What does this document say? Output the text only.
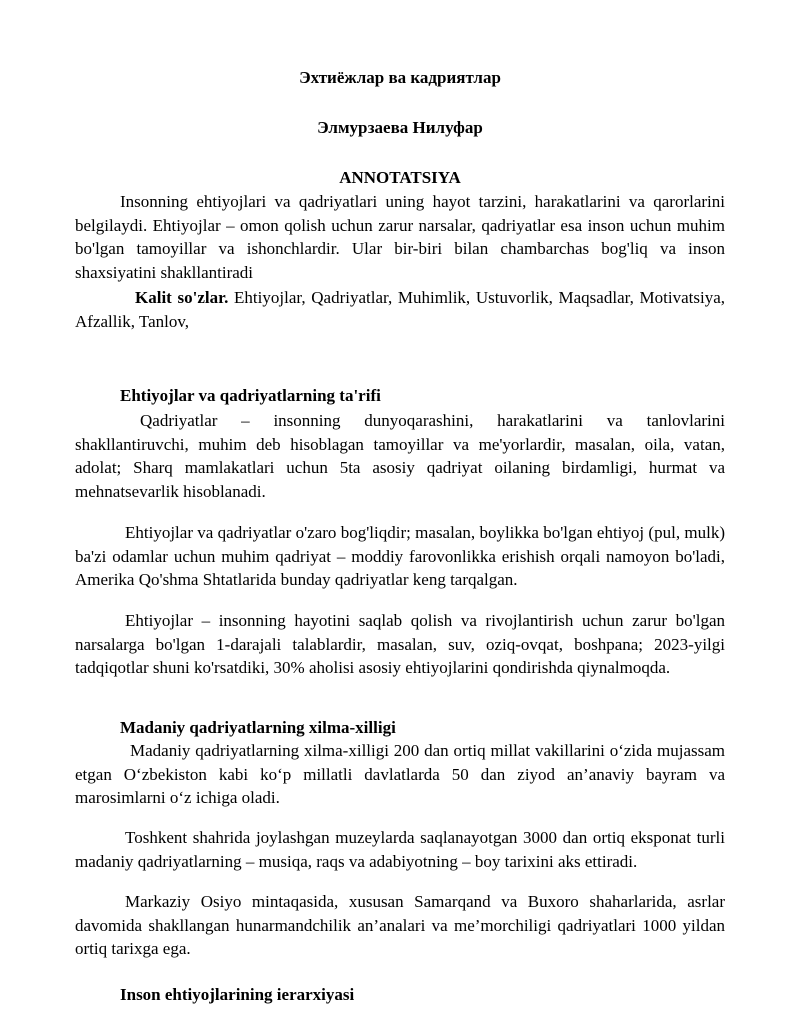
Эхтиёжлар ва кадриятлар

Элмурзаева Нилуфар

ANNOTATSIYA

Insonning ehtiyojlari va qadriyatlari uning hayot tarzini, harakatlarini va qarorlarini belgilaydi. Ehtiyojlar – omon qolish uchun zarur narsalar, qadriyatlar esa inson uchun muhim bo'lgan tamoyillar va ishonchlardir. Ular bir-biri bilan chambarchas bog'liq va inson shaxsiyatini shakllantiradi

Kalit so'zlar. Ehtiyojlar, Qadriyatlar, Muhimlik, Ustuvorlik, Maqsadlar, Motivatsiya, Afzallik, Tanlov,

Ehtiyojlar va qadriyatlarning ta'rifi

Qadriyatlar – insonning dunyoqarashini, harakatlarini va tanlovlarini shakllantiruvchi, muhim deb hisoblagan tamoyillar va me'yorlardir, masalan, oila, vatan, adolat; Sharq mamlakatlari uchun 5ta asosiy qadriyat oilaning birdamligi, hurmat va mehnatsevarlik hisoblanadi.

Ehtiyojlar va qadriyatlar o'zaro bog'liqdir; masalan, boylikka bo'lgan ehtiyoj (pul, mulk) ba'zi odamlar uchun muhim qadriyat – moddiy farovonlikka erishish orqali namoyon bo'ladi, Amerika Qo'shma Shtatlarida bunday qadriyatlar keng tarqalgan.

Ehtiyojlar – insonning hayotini saqlab qolish va rivojlantirish uchun zarur bo'lgan narsalarga bo'lgan 1-darajali talablardir, masalan, suv, oziq-ovqat, boshpana; 2023-yilgi tadqiqotlar shuni ko'rsatdiki, 30% aholisi asosiy ehtiyojlarini qondirishda qiynalmoqda.

Madaniy qadriyatlarning xilma-xilligi

Madaniy qadriyatlarning xilma-xilligi 200 dan ortiq millat vakillarini o‘zida mujassam etgan O‘zbekiston kabi ko‘p millatli davlatlarda 50 dan ziyod an’anaviy bayram va marosimlarni o‘z ichiga oladi.

Toshkent shahrida joylashgan muzeylarda saqlanayotgan 3000 dan ortiq eksponat turli madaniy qadriyatlarning – musiqa, raqs va adabiyotning – boy tarixini aks ettiradi.

Markaziy Osiyo mintaqasida, xususan Samarqand va Buxoro shaharlarida, asrlar davomida shakllangan hunarmandchilik an’analari va me’morchiligi qadriyatlari 1000 yildan ortiq tarixga ega.

Inson ehtiyojlarining ierarxiyasi
